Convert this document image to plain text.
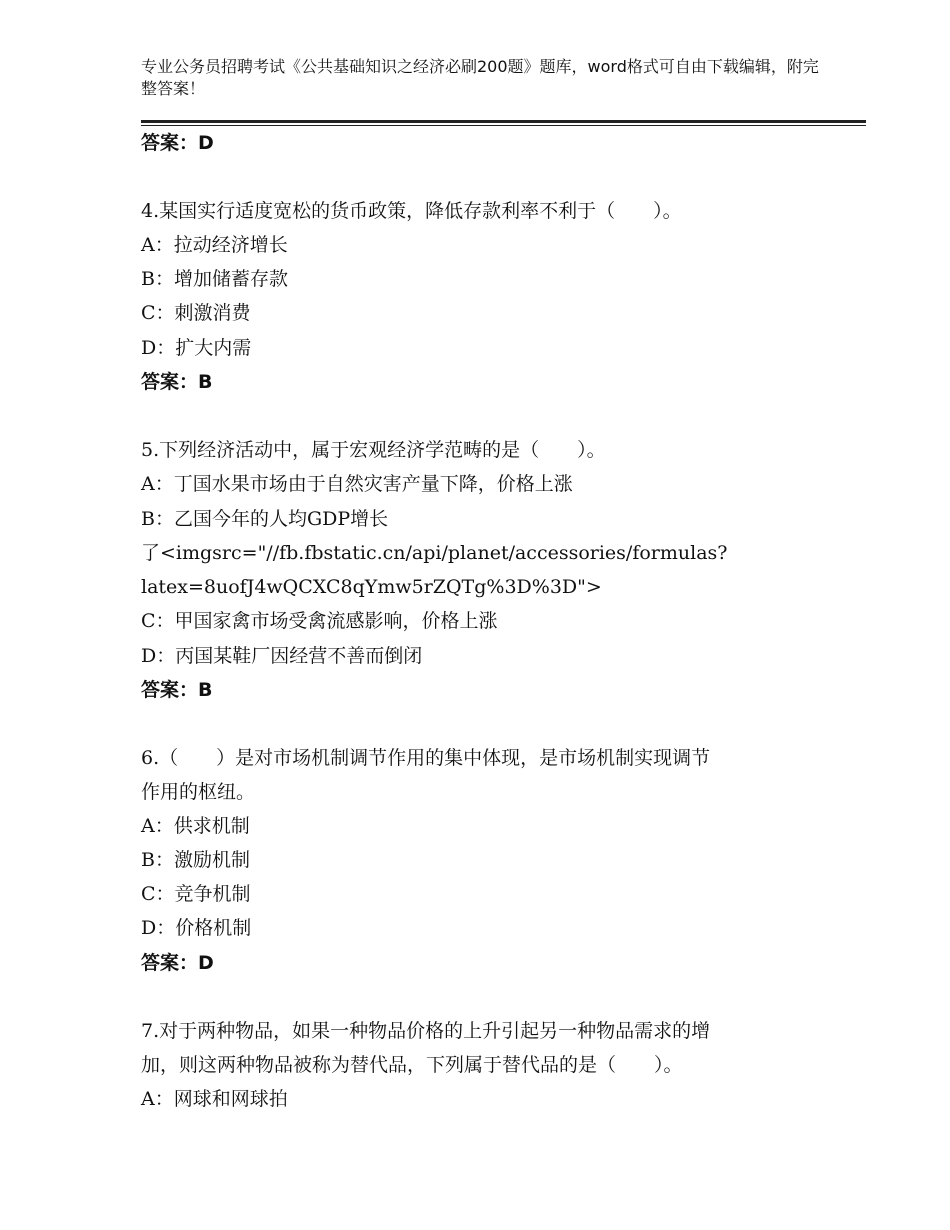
专业公务员招聘考试《公共基础知识之经济必刷200题》题库，word格式可自由下载编辑，附完整答案！
答案：D
4.某国实行适度宽松的货币政策，降低存款利率不利于（　　）。
A：拉动经济增长
B：增加储蓄存款
C：刺激消费
D：扩大内需
答案：B
5.下列经济活动中，属于宏观经济学范畴的是（　　）。
A：丁国水果市场由于自然灾害产量下降，价格上涨
B：乙国今年的人均GDP增长
了<imgsrc="//fb.fbstatic.cn/api/planet/accessories/formulas?
latex=8uofJ4wQCXC8qYmw5rZQTg%3D%3D">
C：甲国家禽市场受禽流感影响，价格上涨
D：丙国某鞋厂因经营不善而倒闭
答案：B
6.（　　）是对市场机制调节作用的集中体现，是市场机制实现调节
作用的枢纽。
A：供求机制
B：激励机制
C：竞争机制
D：价格机制
答案：D
7.对于两种物品，如果一种物品价格的上升引起另一种物品需求的增
加，则这两种物品被称为替代品，下列属于替代品的是（　　）。
A：网球和网球拍
